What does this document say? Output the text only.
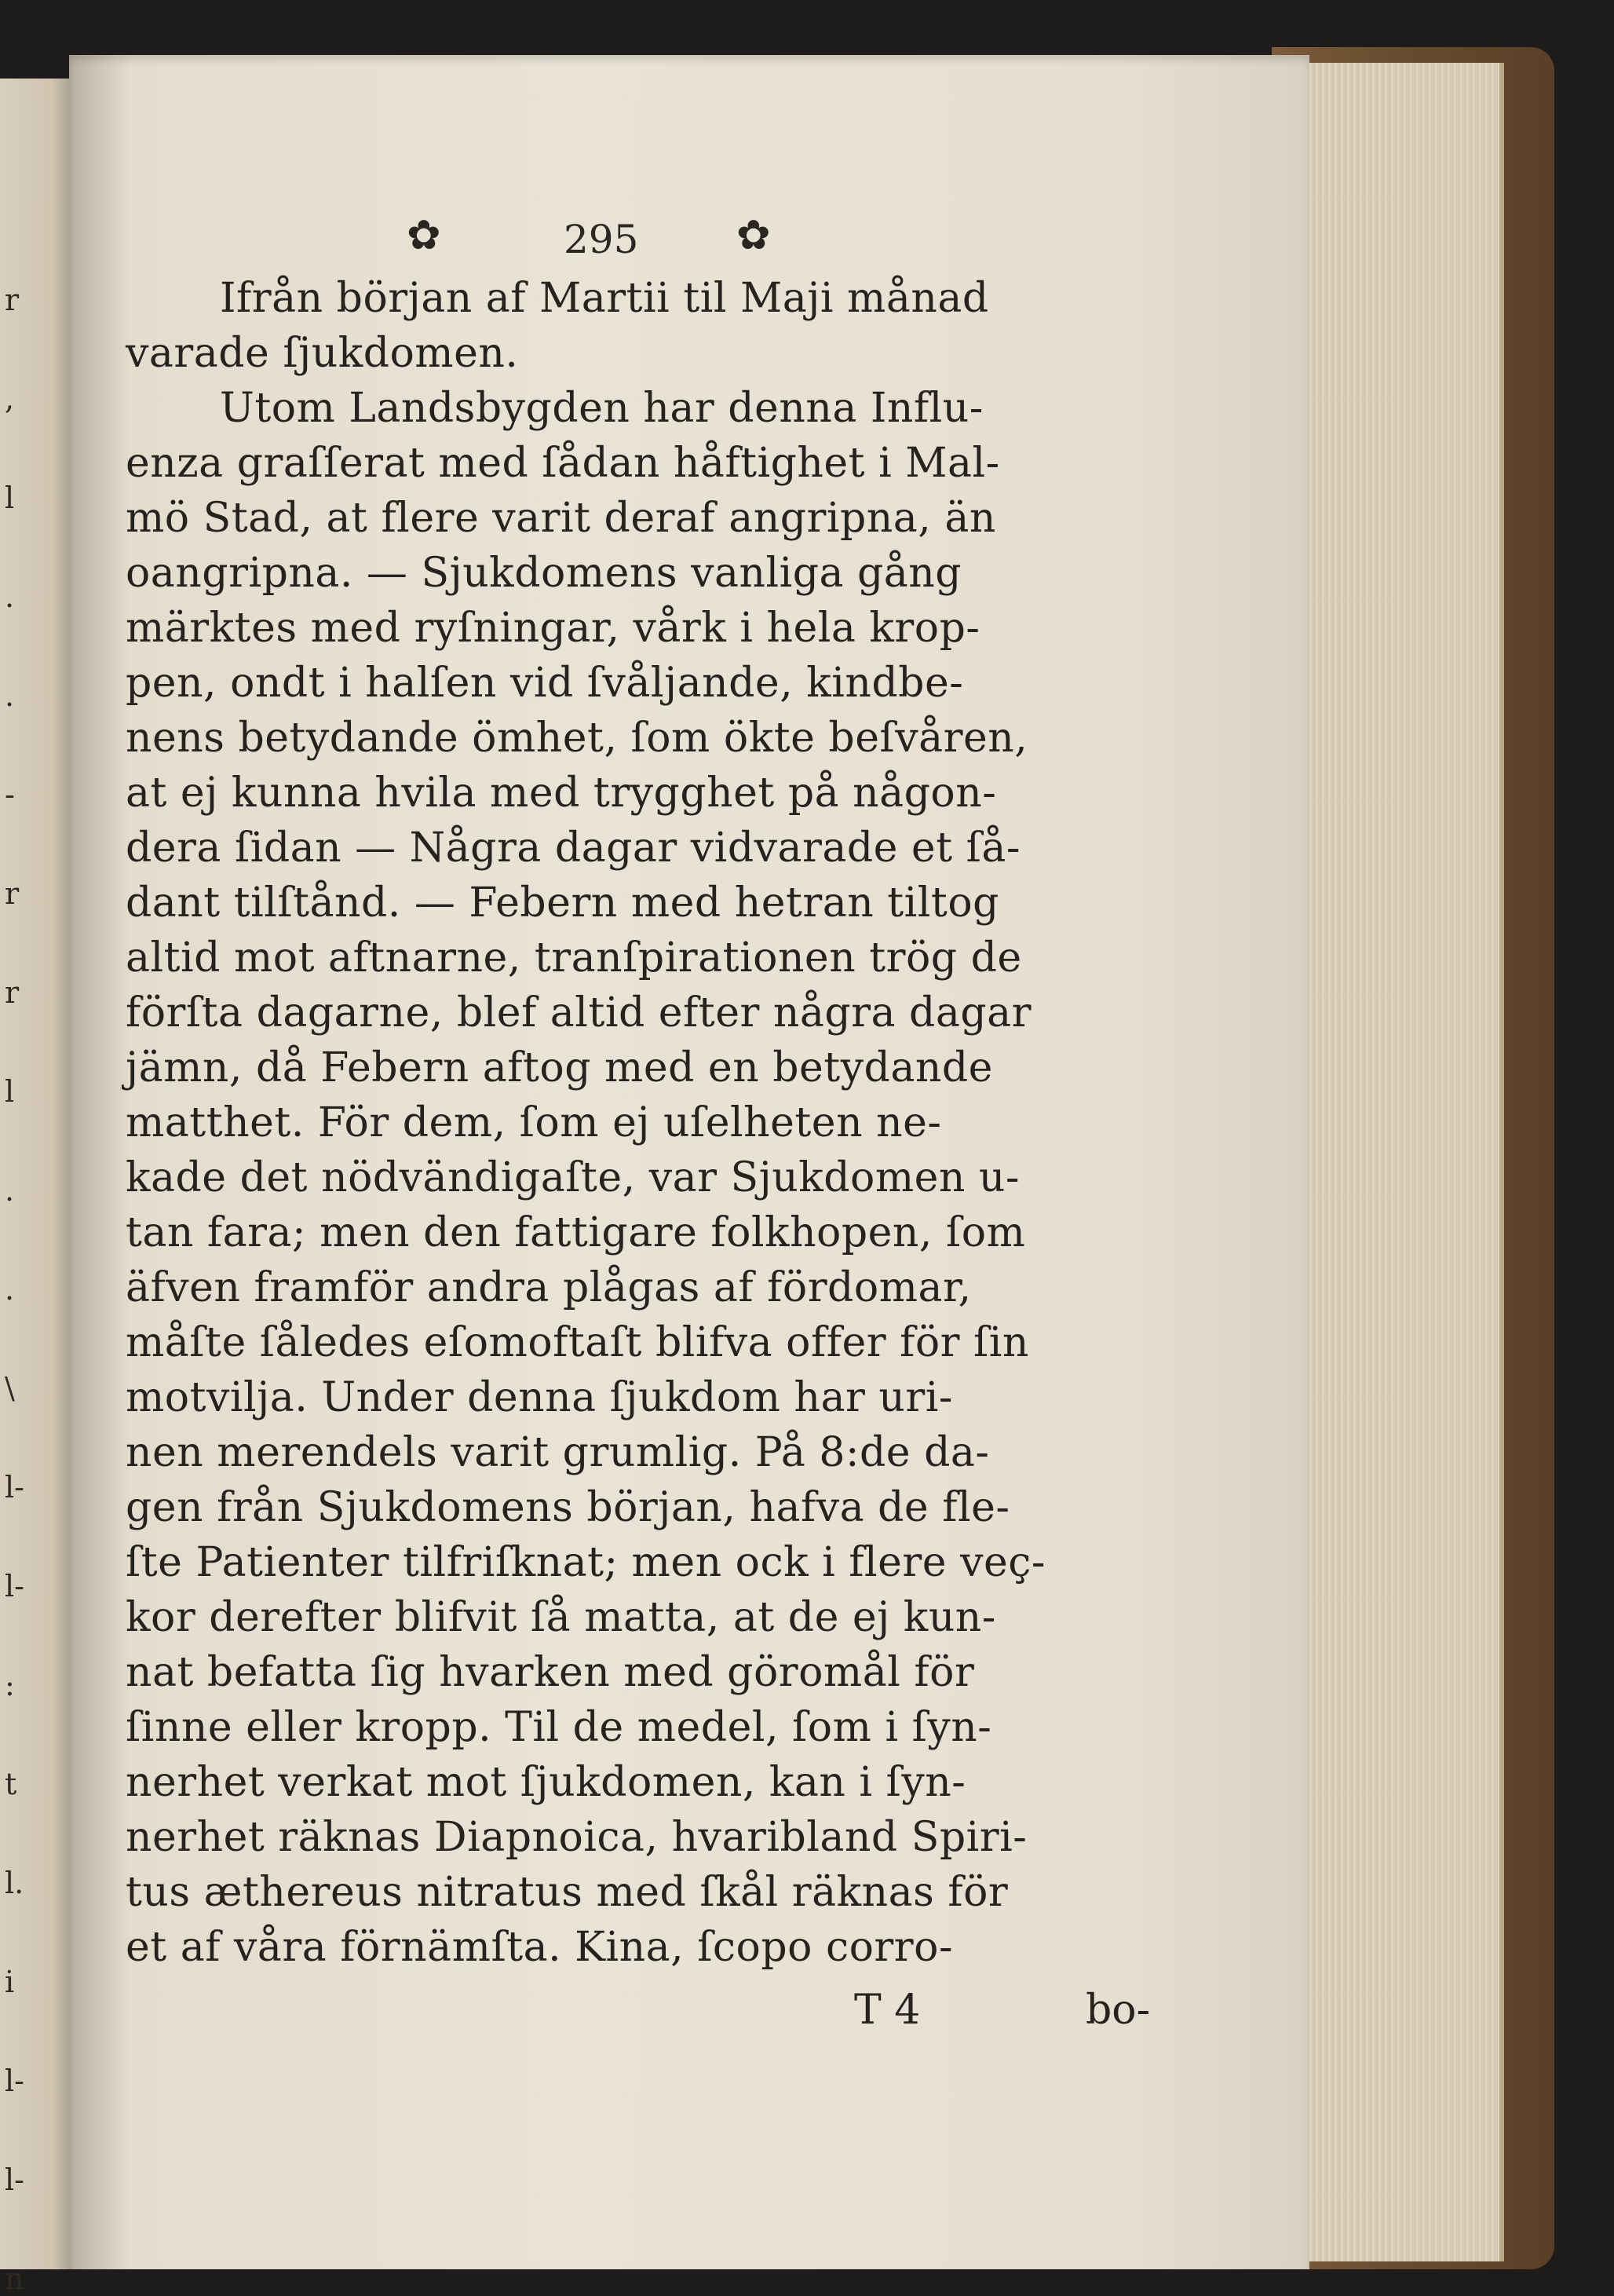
r
,
l
.
.
-
r
r
l
.
.
\
l-
l-
:
t
l.
i
l-
l-
n
✿	295 ✿
Ifrån början af Martii til Maji månad
varade ſjukdomen.
Utom Landsbygden har denna Influ-
enza graſſerat med ſådan håftighet i Mal-
mö Stad, at flere varit deraf angripna, än
oangripna. — Sjukdomens vanliga gång
märktes med ryſningar, vårk i hela krop-
pen, ondt i halſen vid ſvåljande, kindbe-
nens betydande ömhet, ſom ökte beſvåren,
at ej kunna hvila med trygghet på någon-
dera ſidan — Några dagar vidvarade et ſå-
dant tilſtånd. — Febern med hetran tiltog
altid mot aftnarne, tranſpirationen trög de
förſta dagarne, blef altid efter några dagar
jämn, då Febern aftog med en betydande
matthet. För dem, ſom ej uſelheten ne-
kade det nödvändigaſte, var Sjukdomen u-
tan fara; men den fattigare folkhopen, ſom
äfven framför andra plågas af fördomar,
måſte ſåledes eſomoftaſt blifva offer för ſin
motvilja. Under denna ſjukdom har uri-
nen merendels varit grumlig. På 8:de da-
gen från Sjukdomens början, hafva de fle-
ſte Patienter tilfriſknat; men ock i flere veç-
kor derefter blifvit ſå matta, at de ej kun-
nat befatta ſig hvarken med göromål för
ſinne eller kropp. Til de medel, ſom i ſyn-
nerhet verkat mot ſjukdomen, kan i ſyn-
nerhet räknas Diapnoica, hvaribland Spiri-
tus æthereus nitratus med ſkål räknas för
et af våra förnämſta. Kina, ſcopo corro-
T 4	bo-
